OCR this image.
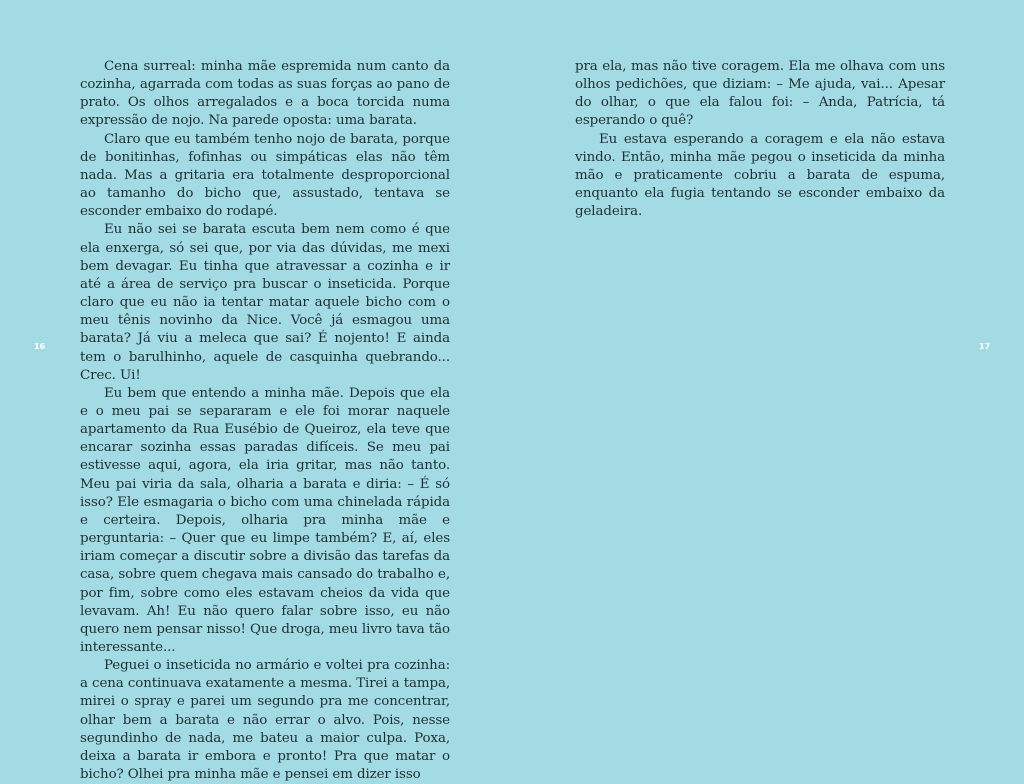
Cena surreal: minha mãe espremida num canto da cozinha, agarrada com todas as suas forças ao pano de prato. Os olhos arregalados e a boca torcida numa expressão de nojo. Na parede oposta: uma barata.

Claro que eu também tenho nojo de barata, porque de bonitinhas, fofinhas ou simpáticas elas não têm nada. Mas a gritaria era totalmente desproporcional ao tamanho do bicho que, assustado, tentava se esconder embaixo do rodapé.

Eu não sei se barata escuta bem nem como é que ela enxerga, só sei que, por via das dúvidas, me mexi bem devagar. Eu tinha que atravessar a cozinha e ir até a área de serviço pra buscar o inseticida. Porque claro que eu não ia tentar matar aquele bicho com o meu tênis novinho da Nice. Você já esmagou uma barata? Já viu a meleca que sai? É nojento! E ainda tem o barulhinho, aquele de casquinha quebrando... Crec. Ui!

Eu bem que entendo a minha mãe. Depois que ela e o meu pai se separaram e ele foi morar naquele apartamento da Rua Eusébio de Queiroz, ela teve que encarar sozinha essas paradas difíceis. Se meu pai estivesse aqui, agora, ela iria gritar, mas não tanto. Meu pai viria da sala, olharia a barata e diria: – É só isso? Ele esmagaria o bicho com uma chinelada rápida e certeira. Depois, olharia pra minha mãe e perguntaria: – Quer que eu limpe também? E, aí, eles iriam começar a discutir sobre a divisão das tarefas da casa, sobre quem chegava mais cansado do trabalho e, por fim, sobre como eles estavam cheios da vida que levavam. Ah! Eu não quero falar sobre isso, eu não quero nem pensar nisso! Que droga, meu livro tava tão interessante...

Peguei o inseticida no armário e voltei pra cozinha: a cena continuava exatamente a mesma. Tirei a tampa, mirei o spray e parei um segundo pra me concentrar, olhar bem a barata e não errar o alvo. Pois, nesse segundinho de nada, me bateu a maior culpa. Poxa, deixa a barata ir embora e pronto! Pra que matar o bicho? Olhei pra minha mãe e pensei em dizer isso

16

pra ela, mas não tive coragem. Ela me olhava com uns olhos pedichões, que diziam: – Me ajuda, vai... Apesar do olhar, o que ela falou foi: – Anda, Patrícia, tá esperando o quê?

Eu estava esperando a coragem e ela não estava vindo. Então, minha mãe pegou o inseticida da minha mão e praticamente cobriu a barata de espuma, enquanto ela fugia tentando se esconder embaixo da geladeira.

17
